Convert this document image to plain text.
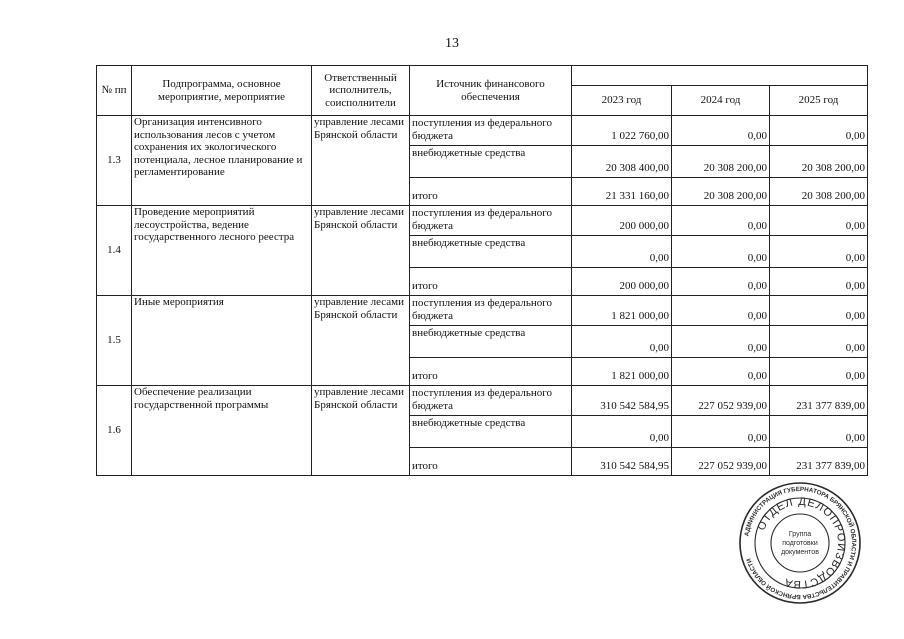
13
№ пп	Подпрограмма, основное мероприятие, мероприятие	Ответственный исполнитель, соисполнители	Источник финансового обеспечения			
				2023 год	2024 год	2025 год
1.3	Организация интенсивного использования лесов с учетом сохранения их экологического потенциала, лесное планирование и регламентирование	управление лесами Брянской области	поступления из федерального бюджета	1 022 760,00	0,00	0,00
			внебюджетные средства	20 308 400,00	20 308 200,00	20 308 200,00
			итого	21 331 160,00	20 308 200,00	20 308 200,00
1.4	Проведение мероприятий лесоустройства, ведение государственного лесного реестра	управление лесами Брянской области	поступления из федерального бюджета	200 000,00	0,00	0,00
			внебюджетные средства	0,00	0,00	0,00
			итого	200 000,00	0,00	0,00
1.5	Иные мероприятия	управление лесами Брянской области	поступления из федерального бюджета	1 821 000,00	0,00	0,00
			внебюджетные средства	0,00	0,00	0,00
			итого	1 821 000,00	0,00	0,00
1.6	Обеспечение реализации государственной программы	управление лесами Брянской области	поступления из федерального бюджета	310 542 584,95	227 052 939,00	231 377 839,00
			внебюджетные средства	0,00	0,00	0,00
			итого	310 542 584,95	227 052 939,00	231 377 839,00
АДМИНИСТРАЦИЯ ГУБЕРНАТОРА БРЯНСКОЙ ОБЛАСТИ И ПРАВИТЕЛЬСТВА БРЯНСКОЙ ОБЛАСТИ
ОТДЕЛ ДЕЛОПРОИЗВОДСТВА
Группа
подготовки
документов
